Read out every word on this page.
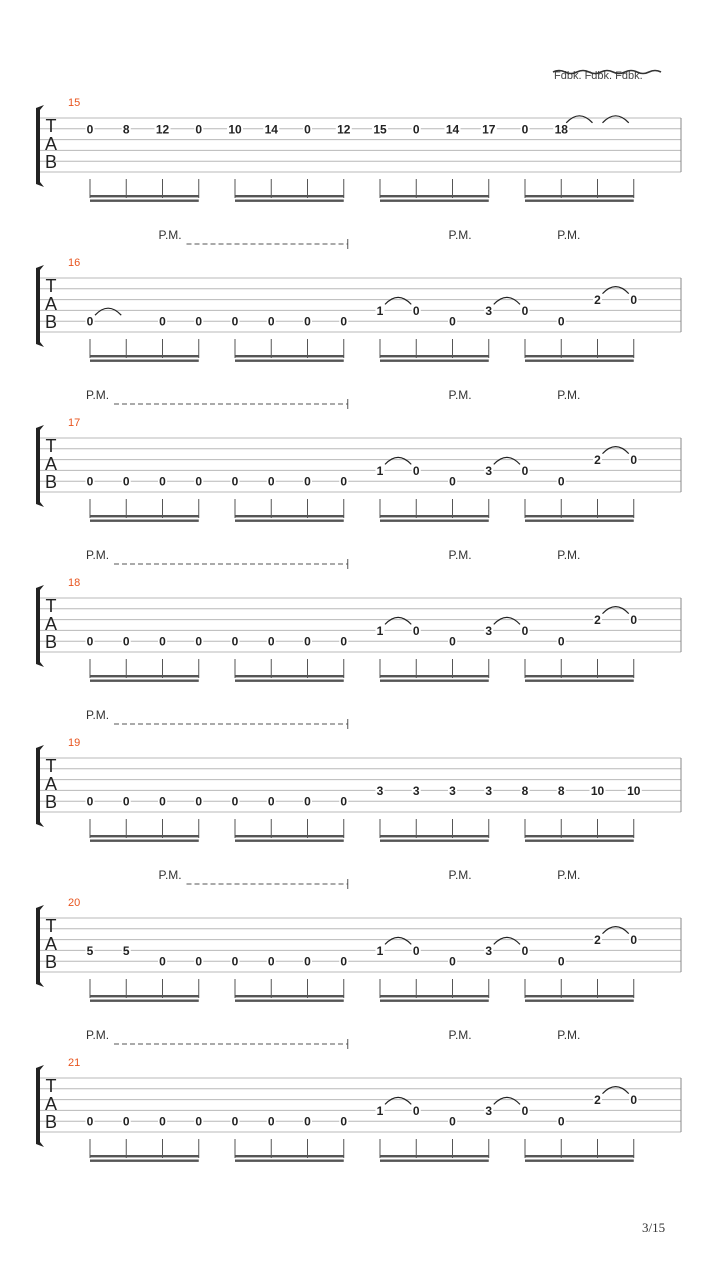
Fdbk. Fdbk. Fdbk.
15
T
A
B
0 8 12 0 10 14 0 12 15 0 14 17 0 18
P.M.	P.M.	P.M.
16
T
A
B 0	0 0 0 0 0 0
1 0
0
3 0
0
2 0
P.M.	P.M.	P.M.
17
T
A
B 0 0 0 0 0 0 0 0
1 0
0
3 0
0
2 0
P.M.	P.M.	P.M.
18
T
A
B 0 0 0 0 0 0 0 0
1 0
0
3 0
0
2 0
P.M.
19
T
A
B 0 0 0 0 0 0 0 0
3 3 3 3 8 8 10 10
P.M.	P.M.	P.M.
20
T
A
B
5 5
0 0 0 0 0 0
1 0
0
3 0
0
2 0
P.M.	P.M.	P.M.
21
T
A
B 0 0 0 0 0 0 0 0
1 0
0
3 0
0
2 0
3/15
